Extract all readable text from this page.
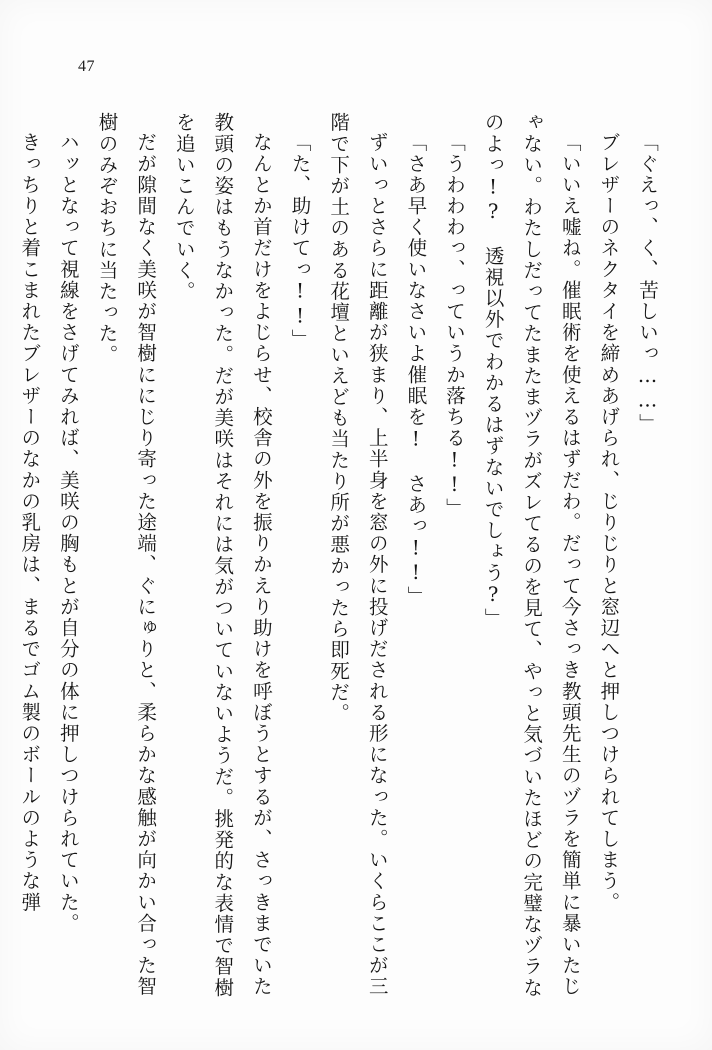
47

「ぐえっ、く、苦しいっ……」

ブレザーのネクタイを締めあげられ、じりじりと窓辺へと押しつけられてしまう。

「いいえ嘘ね。催眠術を使えるはずだわ。だって今さっき教頭先生のヅラを簡単に暴いたじゃない。わたしだってたまたまヅラがズレてるのを見て、やっと気づいたほどの完璧なヅラなのよっ!?　透視以外でわかるはずないでしょう?」

「うわわわっ、っていうか落ちる!!」

「さあ早く使いなさいよ催眠を!　さあっ!!」

ずいっとさらに距離が狭まり、上半身を窓の外に投げだされる形になった。いくらここが三階で下が土のある花壇といえども当たり所が悪かったら即死だ。

「た、助けてっ!!」

なんとか首だけをよじらせ、校舎の外を振りかえり助けを呼ぼうとするが、さっきまでいた教頭の姿はもうなかった。だが美咲はそれには気がついていないようだ。挑発的な表情で智樹を追いこんでいく。

だが隙間なく美咲が智樹ににじり寄った途端、ぐにゅりと、柔らかな感触が向かい合った智樹のみぞおちに当たった。

ハッとなって視線をさげてみれば、美咲の胸もとが自分の体に押しつけられていた。

きっちりと着こまれたブレザーのなかの乳房は、まるでゴム製のボールのような弾
